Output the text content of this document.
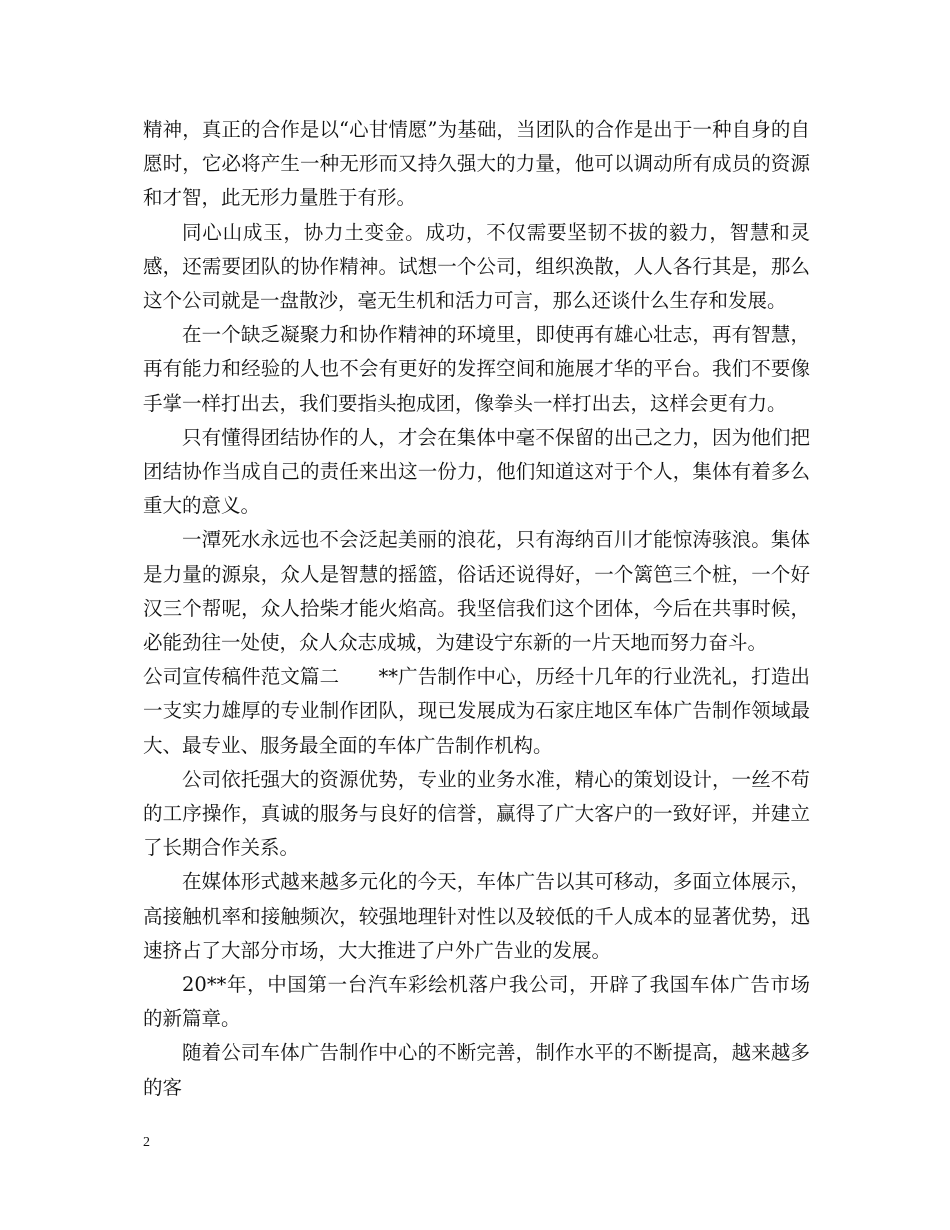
精神，真正的合作是以“心甘情愿”为基础，当团队的合作是出于一种自身的自愿时，它必将产生一种无形而又持久强大的力量，他可以调动所有成员的资源和才智，此无形力量胜于有形。

同心山成玉，协力土变金。成功，不仅需要坚韧不拔的毅力，智慧和灵感，还需要团队的协作精神。试想一个公司，组织涣散，人人各行其是，那么这个公司就是一盘散沙，毫无生机和活力可言，那么还谈什么生存和发展。

在一个缺乏凝聚力和协作精神的环境里，即使再有雄心壮志，再有智慧，再有能力和经验的人也不会有更好的发挥空间和施展才华的平台。我们不要像手掌一样打出去，我们要指头抱成团，像拳头一样打出去，这样会更有力。

只有懂得团结协作的人，才会在集体中毫不保留的出己之力，因为他们把团结协作当成自己的责任来出这一份力，他们知道这对于个人，集体有着多么重大的意义。

一潭死水永远也不会泛起美丽的浪花，只有海纳百川才能惊涛骇浪。集体是力量的源泉，众人是智慧的摇篮，俗话还说得好，一个篱笆三个桩，一个好汉三个帮呢，众人拾柴才能火焰高。我坚信我们这个团体，今后在共事时候，必能劲往一处使，众人众志成城，为建设宁东新的一片天地而努力奋斗。

公司宣传稿件范文篇二　　**广告制作中心，历经十几年的行业洗礼，打造出一支实力雄厚的专业制作团队，现已发展成为石家庄地区车体广告制作领域最大、最专业、服务最全面的车体广告制作机构。

公司依托强大的资源优势，专业的业务水准，精心的策划设计，一丝不苟的工序操作，真诚的服务与良好的信誉，赢得了广大客户的一致好评，并建立了长期合作关系。

在媒体形式越来越多元化的今天，车体广告以其可移动，多面立体展示，高接触机率和接触频次，较强地理针对性以及较低的千人成本的显著优势，迅速挤占了大部分市场，大大推进了户外广告业的发展。

20**年，中国第一台汽车彩绘机落户我公司，开辟了我国车体广告市场的新篇章。

随着公司车体广告制作中心的不断完善，制作水平的不断提高，越来越多的客

2
